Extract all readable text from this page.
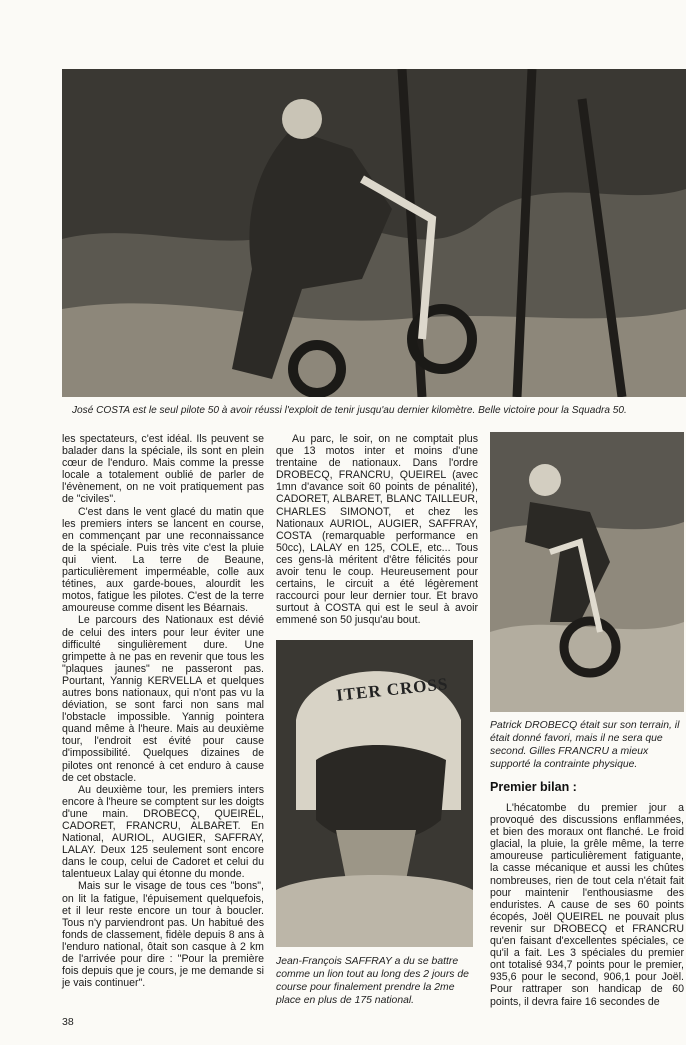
José COSTA est le seul pilote 50 à avoir réussi l'exploit de tenir jusqu'au dernier kilomètre. Belle victoire pour la Squadra 50.

les spectateurs, c'est idéal. Ils peuvent se balader dans la spéciale, ils sont en plein cœur de l'enduro. Mais comme la presse locale a totalement oublié de parler de l'évènement, on ne voit pratiquement pas de "civiles".

C'est dans le vent glacé du matin que les premiers inters se lancent en course, en commençant par une reconnaissance de la spéciale. Puis très vite c'est la pluie qui vient. La terre de Beaune, particulièrement imperméable, colle aux tétines, aux garde-boues, alourdit les motos, fatigue les pilotes. C'est de la terre amoureuse comme disent les Béarnais.

Le parcours des Nationaux est dévié de celui des inters pour leur éviter une difficulté singulièrement dure. Une grimpette à ne pas en revenir que tous les "plaques jaunes" ne passeront pas. Pourtant, Yannig KERVELLA et quelques autres bons nationaux, qui n'ont pas vu la déviation, se sont farci non sans mal l'obstacle impossible. Yannig pointera quand même à l'heure. Mais au deuxième tour, l'endroit est évité pour cause d'impossibilité. Quelques dizaines de pilotes ont renoncé à cet enduro à cause de cet obstacle.

Au deuxième tour, les premiers inters encore à l'heure se comptent sur les doigts d'une main. DROBECQ, QUEIREL, CADORET, FRANCRU, ALBARET. En National, AURIOL, AUGIER, SAFFRAY, LALAY. Deux 125 seulement sont encore dans le coup, celui de Cadoret et celui du talentueux Lalay qui étonne du monde.

Mais sur le visage de tous ces "bons", on lit la fatigue, l'épuisement quelquefois, et il leur reste encore un tour à boucler. Tous n'y parviendront pas. Un habitué des fonds de classement, fidèle depuis 8 ans à l'enduro national, ôtait son casque à 2 km de l'arrivée pour dire : "Pour la première fois depuis que je cours, je me demande si je vais continuer".

Au parc, le soir, on ne comptait plus que 13 motos inter et moins d'une trentaine de nationaux. Dans l'ordre DROBECQ, FRANCRU, QUEIREL (avec 1mn d'avance soit 60 points de pénalité), CADORET, ALBARET, BLANC TAILLEUR, CHARLES SIMONOT, et chez les Nationaux AURIOL, AUGIER, SAFFRAY, COSTA (remarquable performance en 50cc), LALAY en 125, COLE, etc... Tous ces gens-là méritent d'être félicités pour avoir tenu le coup. Heureusement pour certains, le circuit a été légèrement raccourci pour leur dernier tour. Et bravo surtout à COSTA qui est le seul à avoir emmené son 50 jusqu'au bout.

ITER CROSS
Jean-François SAFFRAY a du se battre comme un lion tout au long des 2 jours de course pour finalement prendre la 2me place en plus de 175 national.
Patrick DROBECQ était sur son terrain, il était donné favori, mais il ne sera que second. Gilles FRANCRU a mieux supporté la contrainte physique.
Premier bilan :

L'hécatombe du premier jour a provoqué des discussions enflammées, et bien des moraux ont flanché. Le froid glacial, la pluie, la grêle même, la terre amoureuse particulièrement fatiguante, la casse mécanique et aussi les chûtes nombreuses, rien de tout cela n'était fait pour maintenir l'enthousiasme des enduristes. A cause de ses 60 points écopés, Joël QUEIREL ne pouvait plus revenir sur DROBECQ et FRANCRU qu'en faisant d'excellentes spéciales, ce qu'il a fait. Les 3 spéciales du premier ont totalisé 934,7 points pour le premier, 935,6 pour le second, 906,1 pour Joël. Pour rattraper son handicap de 60 points, il devra faire 16 secondes de

38
